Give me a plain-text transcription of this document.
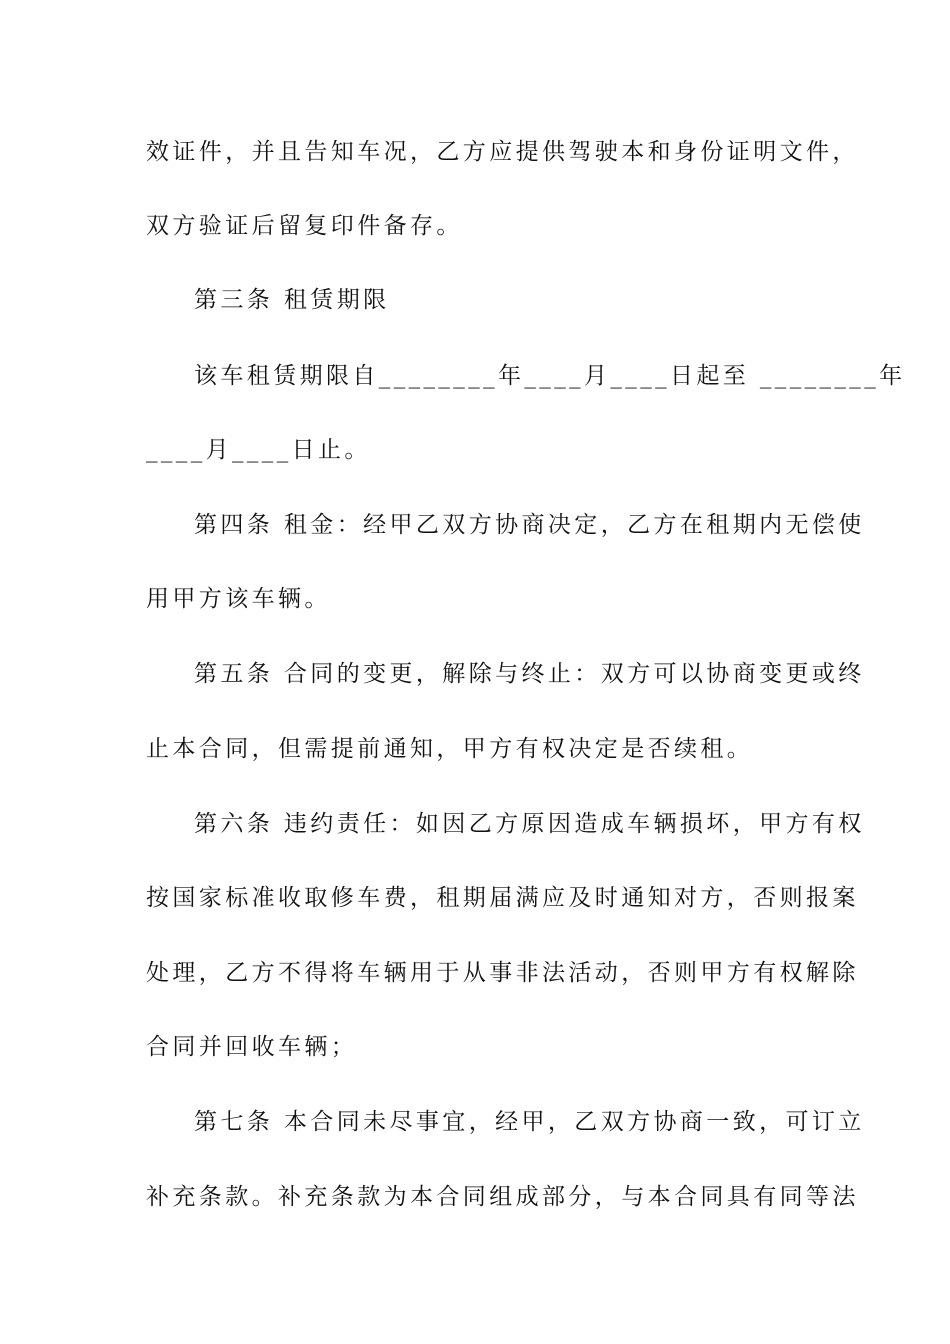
效证件，并且告知车况，乙方应提供驾驶本和身份证明文件，
双方验证后留复印件备存。
第三条 租赁期限
该车租赁期限自________年____月____日起至 ________年
____月____日止。
第四条 租金：经甲乙双方协商决定，乙方在租期内无偿使
用甲方该车辆。
第五条 合同的变更，解除与终止：双方可以协商变更或终
止本合同，但需提前通知，甲方有权决定是否续租。
第六条 违约责任：如因乙方原因造成车辆损坏，甲方有权
按国家标准收取修车费，租期届满应及时通知对方，否则报案
处理，乙方不得将车辆用于从事非法活动，否则甲方有权解除
合同并回收车辆；
第七条 本合同未尽事宜，经甲，乙双方协商一致，可订立
补充条款。补充条款为本合同组成部分，与本合同具有同等法
